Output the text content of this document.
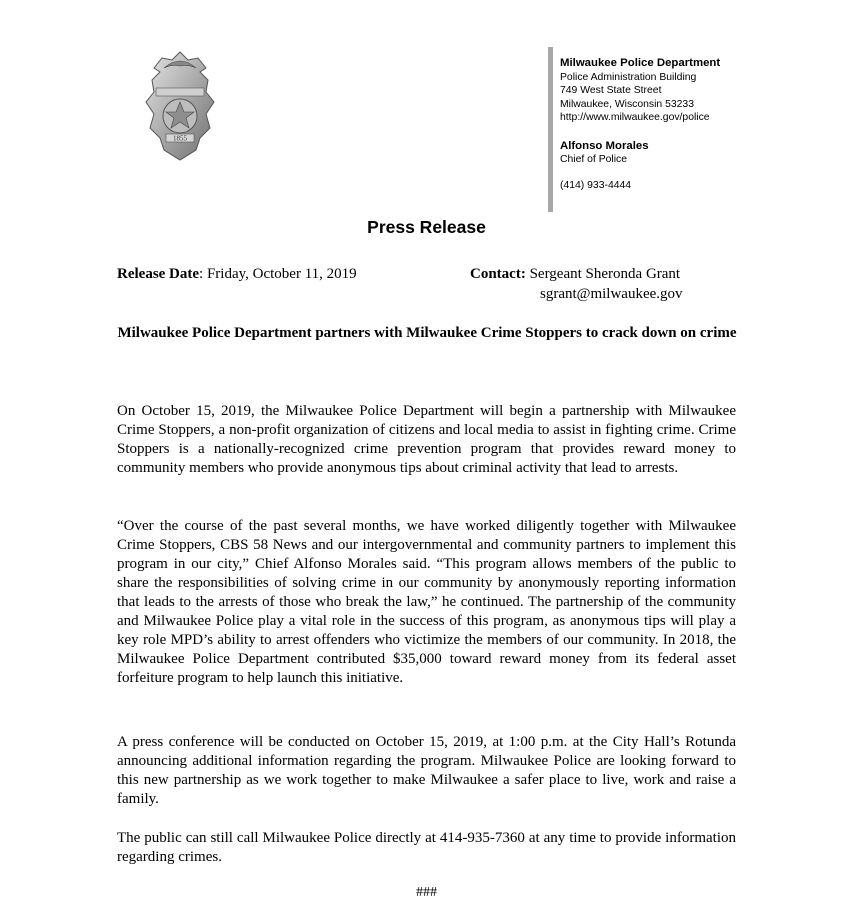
1855
Milwaukee Police Department
Police Administration Building
749 West State Street
Milwaukee, Wisconsin 53233
http://www.milwaukee.gov/police
Alfonso Morales
Chief of Police
(414) 933-4444
Press Release
Release Date: Friday, October 11, 2019	Contact: Sergeant Sheronda Grant
sgrant@milwaukee.gov
Milwaukee Police Department partners with Milwaukee Crime Stoppers to crack down on crime

On October 15, 2019, the Milwaukee Police Department will begin a partnership with Milwaukee Crime Stoppers, a non-profit organization of citizens and local media to assist in fighting crime. Crime Stoppers is a nationally-recognized crime prevention program that provides reward money to community members who provide anonymous tips about criminal activity that lead to arrests.

“Over the course of the past several months, we have worked diligently together with Milwaukee Crime Stoppers, CBS 58 News and our intergovernmental and community partners to implement this program in our city,” Chief Alfonso Morales said. “This program allows members of the public to share the responsibilities of solving crime in our community by anonymously reporting information that leads to the arrests of those who break the law,” he continued. The partnership of the community and Milwaukee Police play a vital role in the success of this program, as anonymous tips will play a key role MPD’s ability to arrest offenders who victimize the members of our community. In 2018, the Milwaukee Police Department contributed $35,000 toward reward money from its federal asset forfeiture program to help launch this initiative.

A press conference will be conducted on October 15, 2019, at 1:00 p.m. at the City Hall’s Rotunda announcing additional information regarding the program. Milwaukee Police are looking forward to this new partnership as we work together to make Milwaukee a safer place to live, work and raise a family.

The public can still call Milwaukee Police directly at 414-935-7360 at any time to provide information regarding crimes.

###
